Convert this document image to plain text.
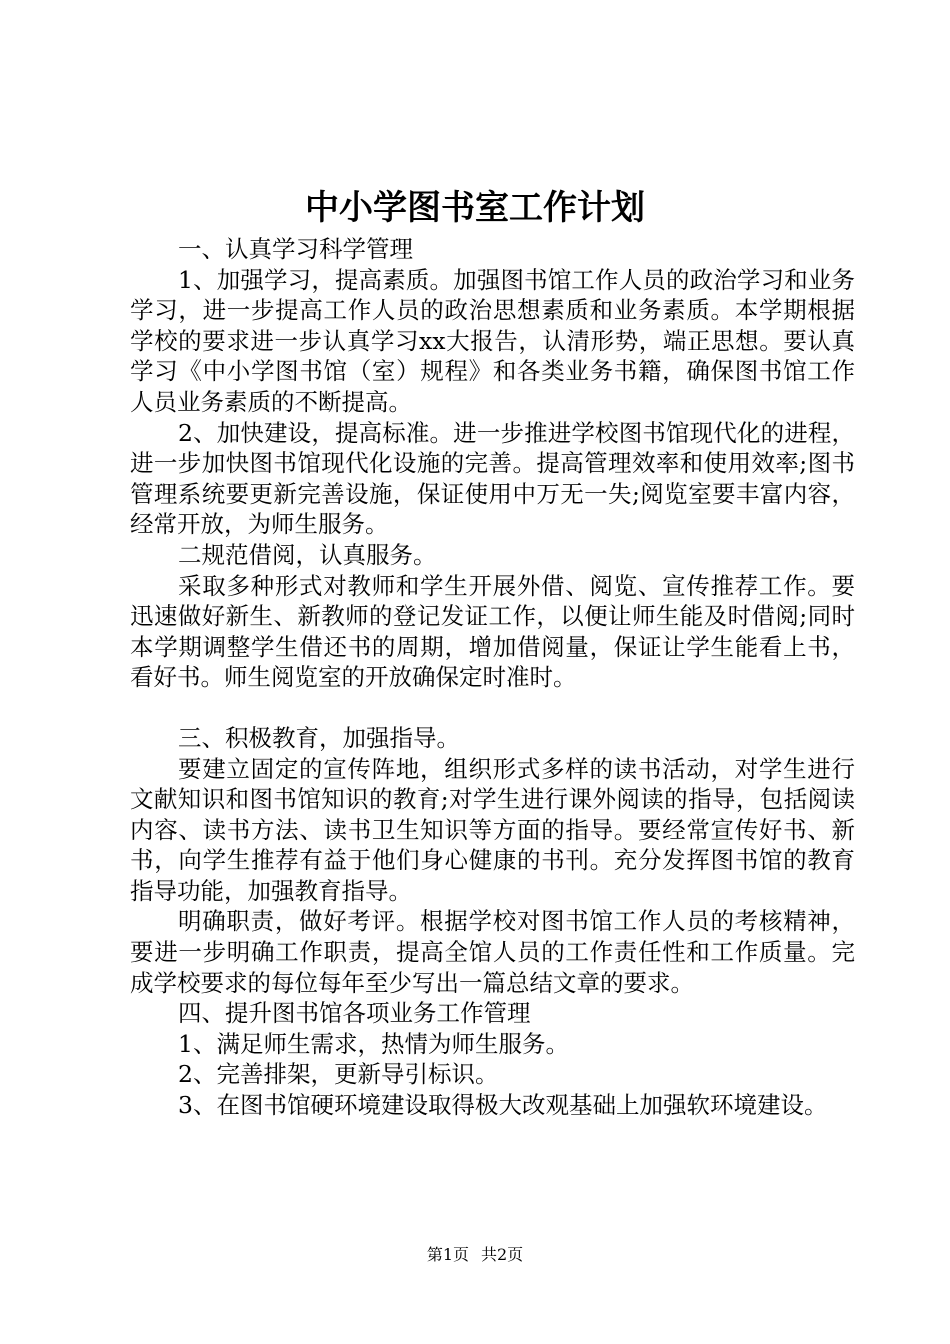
中小学图书室工作计划

一、认真学习科学管理

1、加强学习，提高素质。加强图书馆工作人员的政治学习和业务学习，进一步提高工作人员的政治思想素质和业务素质。本学期根据学校的要求进一步认真学习xx大报告，认清形势，端正思想。要认真学习《中小学图书馆（室）规程》和各类业务书籍，确保图书馆工作人员业务素质的不断提高。

2、加快建设，提高标准。进一步推进学校图书馆现代化的进程，进一步加快图书馆现代化设施的完善。提高管理效率和使用效率;图书管理系统要更新完善设施，保证使用中万无一失;阅览室要丰富内容，经常开放，为师生服务。

二规范借阅，认真服务。

采取多种形式对教师和学生开展外借、阅览、宣传推荐工作。要迅速做好新生、新教师的登记发证工作，以便让师生能及时借阅;同时本学期调整学生借还书的周期，增加借阅量，保证让学生能看上书，看好书。师生阅览室的开放确保定时准时。

三、积极教育，加强指导。

要建立固定的宣传阵地，组织形式多样的读书活动，对学生进行文献知识和图书馆知识的教育;对学生进行课外阅读的指导，包括阅读内容、读书方法、读书卫生知识等方面的指导。要经常宣传好书、新书，向学生推荐有益于他们身心健康的书刊。充分发挥图书馆的教育指导功能，加强教育指导。

明确职责，做好考评。根据学校对图书馆工作人员的考核精神，要进一步明确工作职责，提高全馆人员的工作责任性和工作质量。完成学校要求的每位每年至少写出一篇总结文章的要求。

四、提升图书馆各项业务工作管理

1、满足师生需求，热情为师生服务。

2、完善排架，更新导引标识。

3、在图书馆硬环境建设取得极大改观基础上加强软环境建设。

第1页 共2页
